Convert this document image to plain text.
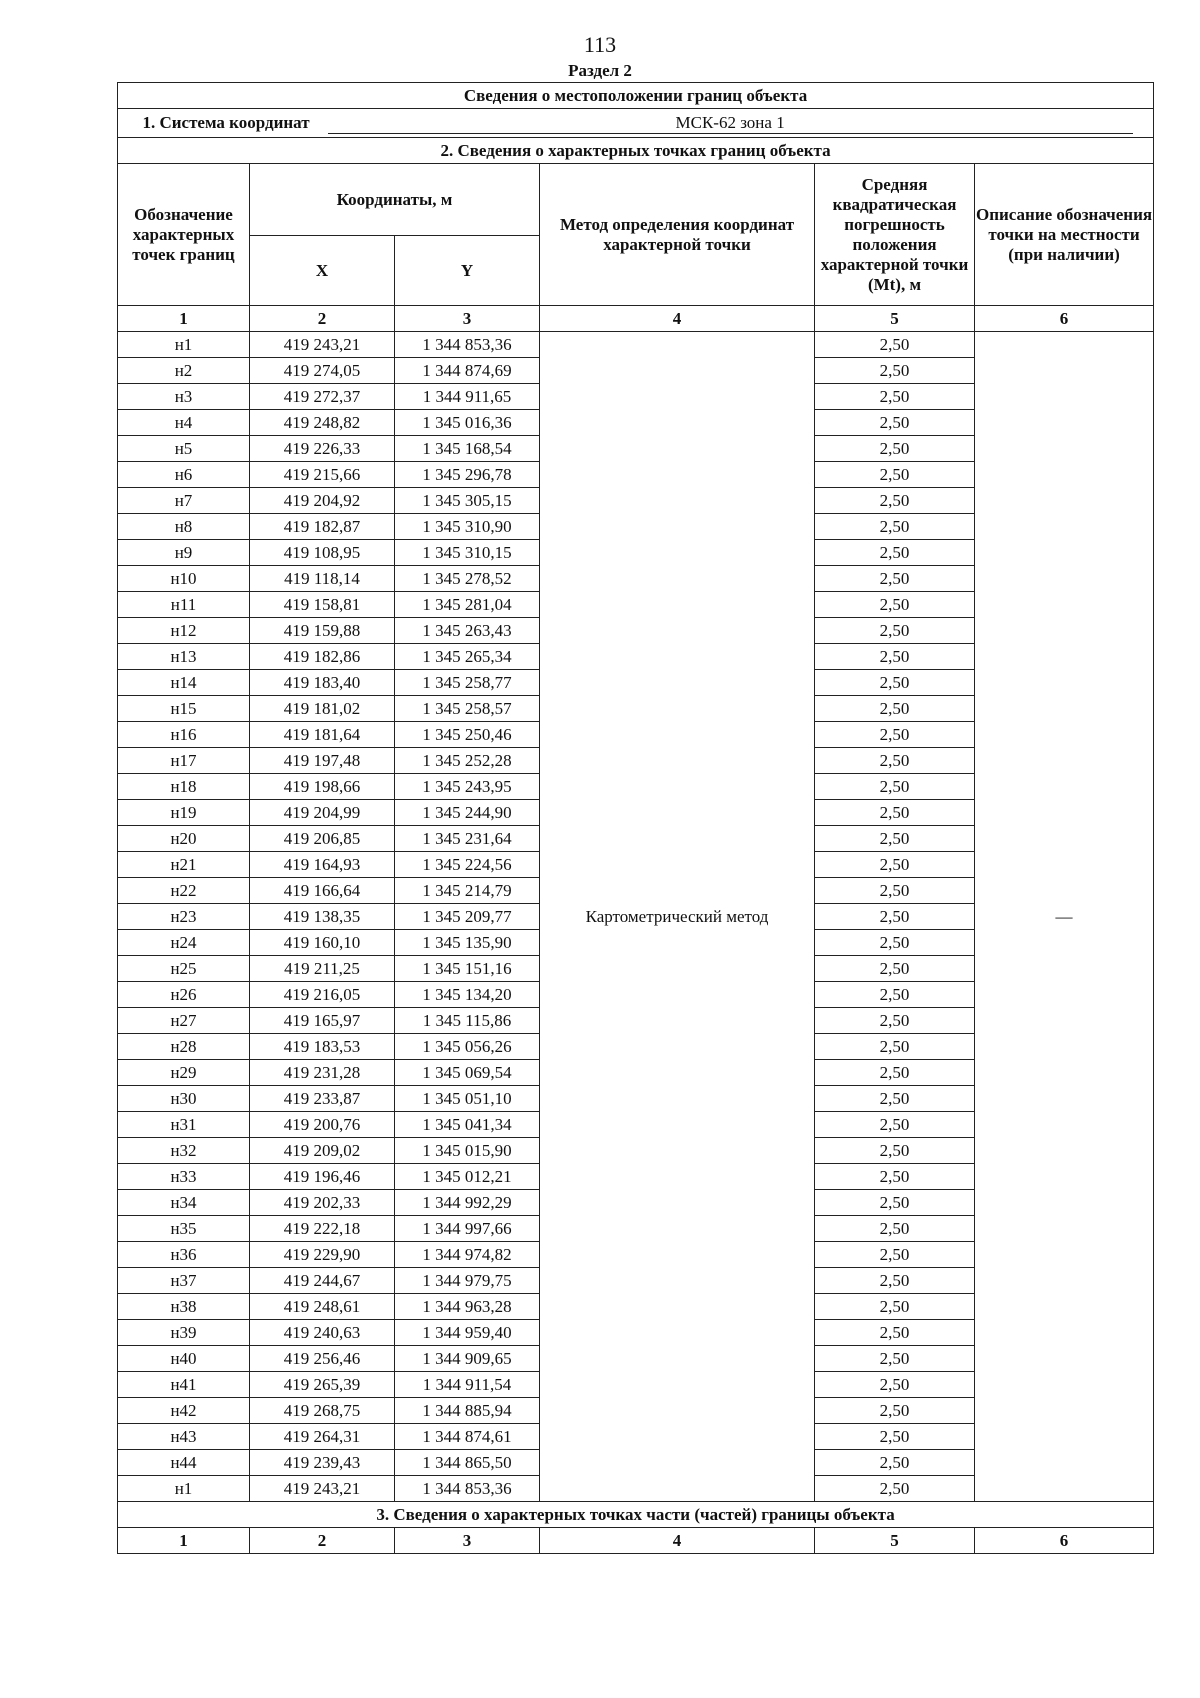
113
Раздел 2
Сведения о местоположении границ объекта					
1. Система координат МСК-62 зона 1					
2. Сведения о характерных точках границ объекта					
Обозначение характерных точек границ	Координаты, м		Метод определения координат характерной точки	Средняя квадратическая погрешность положения характерной точки (Mt), м	Описание обозначения точки на местности (при наличии)
	X	Y			
1	2	3	4	5	6
н1	419 243,21	1 344 853,36	Картометрический метод	2,50	—
н2	419 274,05	1 344 874,69		2,50	
н3	419 272,37	1 344 911,65		2,50	
н4	419 248,82	1 345 016,36		2,50	
н5	419 226,33	1 345 168,54		2,50	
н6	419 215,66	1 345 296,78		2,50	
н7	419 204,92	1 345 305,15		2,50	
н8	419 182,87	1 345 310,90		2,50	
н9	419 108,95	1 345 310,15		2,50	
н10	419 118,14	1 345 278,52		2,50	
н11	419 158,81	1 345 281,04		2,50	
н12	419 159,88	1 345 263,43		2,50	
н13	419 182,86	1 345 265,34		2,50	
н14	419 183,40	1 345 258,77		2,50	
н15	419 181,02	1 345 258,57		2,50	
н16	419 181,64	1 345 250,46		2,50	
н17	419 197,48	1 345 252,28		2,50	
н18	419 198,66	1 345 243,95		2,50	
н19	419 204,99	1 345 244,90		2,50	
н20	419 206,85	1 345 231,64		2,50	
н21	419 164,93	1 345 224,56		2,50	
н22	419 166,64	1 345 214,79		2,50	
н23	419 138,35	1 345 209,77		2,50	
н24	419 160,10	1 345 135,90		2,50	
н25	419 211,25	1 345 151,16		2,50	
н26	419 216,05	1 345 134,20		2,50	
н27	419 165,97	1 345 115,86		2,50	
н28	419 183,53	1 345 056,26		2,50	
н29	419 231,28	1 345 069,54		2,50	
н30	419 233,87	1 345 051,10		2,50	
н31	419 200,76	1 345 041,34		2,50	
н32	419 209,02	1 345 015,90		2,50	
н33	419 196,46	1 345 012,21		2,50	
н34	419 202,33	1 344 992,29		2,50	
н35	419 222,18	1 344 997,66		2,50	
н36	419 229,90	1 344 974,82		2,50	
н37	419 244,67	1 344 979,75		2,50	
н38	419 248,61	1 344 963,28		2,50	
н39	419 240,63	1 344 959,40		2,50	
н40	419 256,46	1 344 909,65		2,50	
н41	419 265,39	1 344 911,54		2,50	
н42	419 268,75	1 344 885,94		2,50	
н43	419 264,31	1 344 874,61		2,50	
н44	419 239,43	1 344 865,50		2,50	
н1	419 243,21	1 344 853,36		2,50	
3. Сведения о характерных точках части (частей) границы объекта					
1	2	3	4	5	6
